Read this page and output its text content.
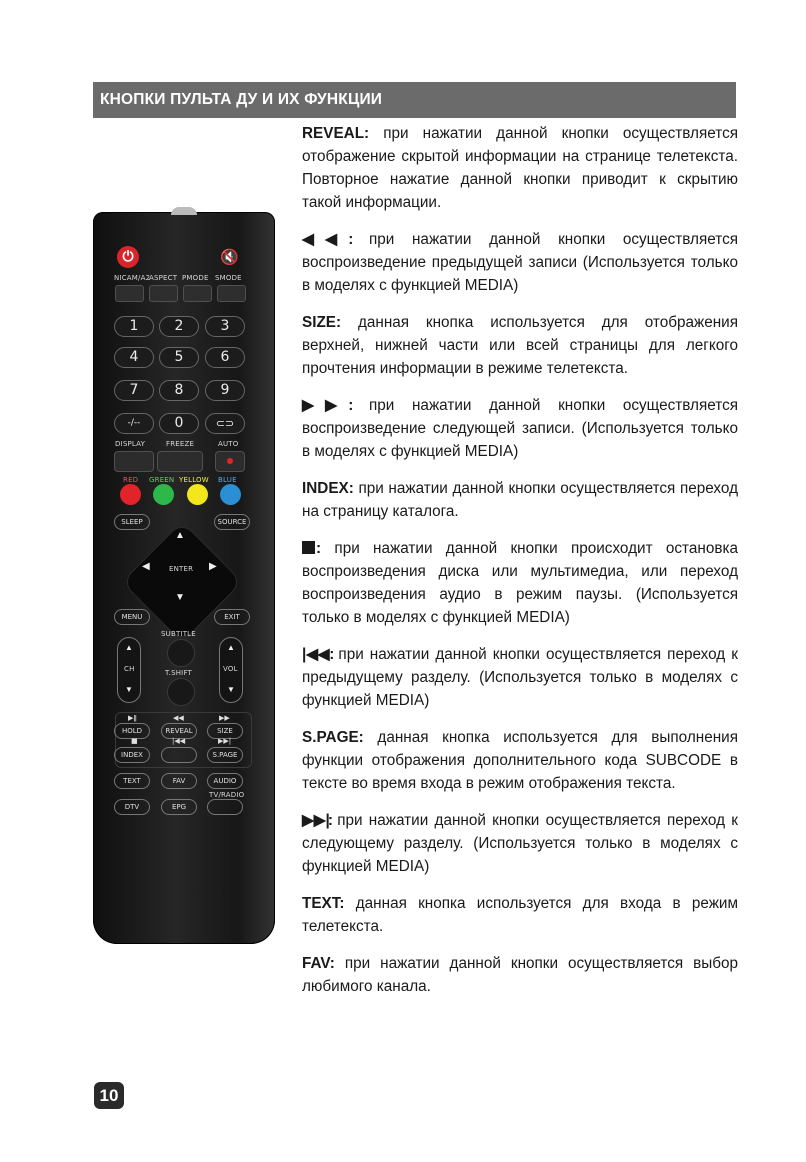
КНОПКИ ПУЛЬТА ДУ И ИХ ФУНКЦИИ
⏻	🔇
NICAM/A2
ASPECT PMODE SMODE
1	2	3
4	5	6
7	8	9
-/--	0	⊂⊃
DISPLAY	FREEZE	AUTO
RED GREEN YELLOW BLUE
SLEEP	SOURCE
▲
▼
◀	▶
ENTER
MENU	EXIT
SUBTITLE
▲
CH
▼
▲
VOL
▼
T.SHIFT
▶ǁ	◀◀	▶▶
HOLD	REVEAL	SIZE
■	|◀◀	▶▶|
INDEX	S.PAGE
TEXT	FAV	AUDIO
TV/RADIO
DTV	EPG

REVEAL: при нажатии данной кнопки осуществляется отображение скрытой информации на странице телетекста. Повторное нажатие данной кнопки приводит к скрытию такой информации.

◀◀: при нажатии данной кнопки осуществляется воспроизведение предыдущей записи (Используется только в моделях с функцией MEDIA)

SIZE: данная кнопка используется для отображения верхней, нижней части или всей страницы для легкого прочтения информации в режиме телетекста.

▶▶: при нажатии данной кнопки осуществляется воспроизведение следующей записи. (Используется только в моделях с функцией MEDIA)

INDEX: при нажатии данной кнопки осуществляется переход на страницу каталога.

: при нажатии данной кнопки происходит остановка воспроизведения диска или мультимедиа, или переход воспроизведения аудио в режим паузы. (Используется только в моделях с функцией MEDIA)

|◀◀: при нажатии данной кнопки осуществляется переход к предыдущему разделу. (Используется только в моделях с функцией MEDIA)

S.PAGE: данная кнопка используется для выполнения функции отображения дополнительного кода SUBCODE в тексте во время входа в режим отображения текста.

▶▶|: при нажатии данной кнопки осуществляется переход к следующему разделу. (Используется только в моделях с функцией MEDIA)

TEXT: данная кнопка используется для входа в режим телетекста.

FAV: при нажатии данной кнопки осуществляется выбор любимого канала.

10
